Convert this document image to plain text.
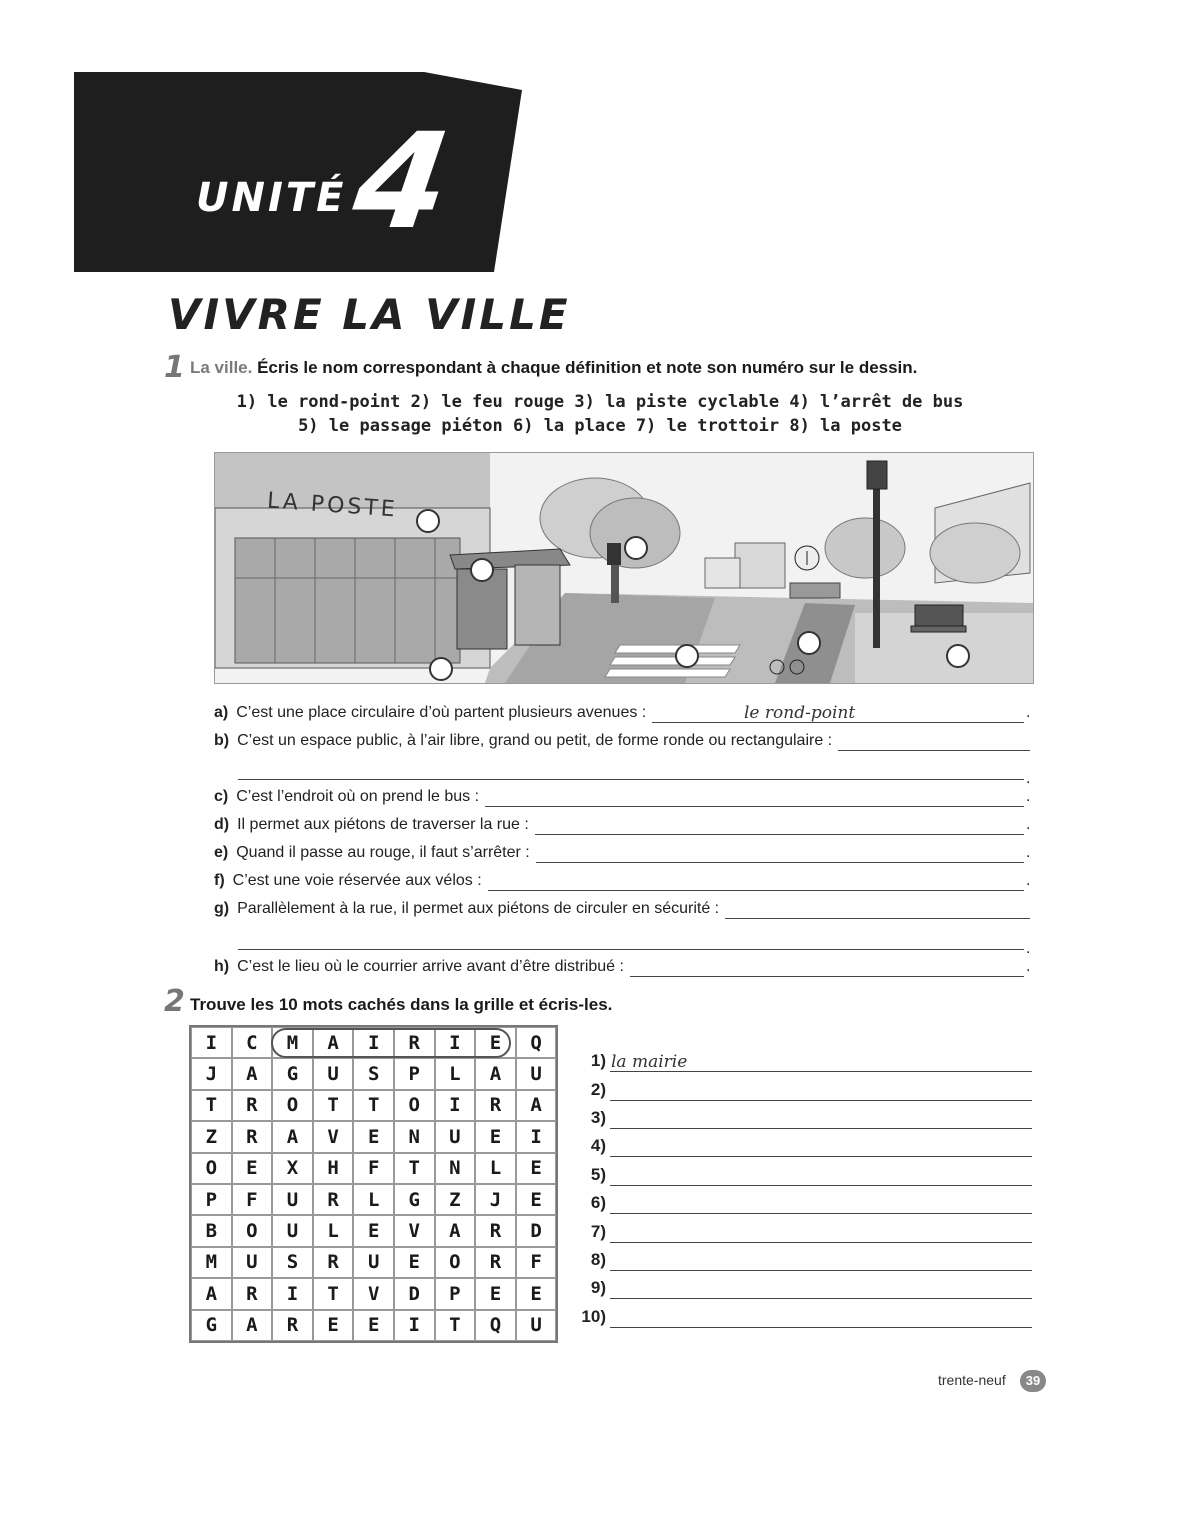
UNITÉ
4
VIVRE LA VILLE
1 La ville. Écris le nom correspondant à chaque définition et note son numéro sur le dessin.
1) le rond-point 2) le feu rouge 3) la piste cyclable 4) l’arrêt de bus
5) le passage piéton 6) la place 7) le trottoir 8) la poste
LA POSTE
2 Trouve les 10 mots cachés dans la grille et écris-les.
I	C	M	A	I	R	I	E	Q
J	A	G	U	S	P	L	A	U
T	R	O	T	T	O	I	R	A
Z	R	A	V	E	N	U	E	I
O	E	X	H	F	T	N	L	E
P	F	U	R	L	G	Z	J	E
B	O	U	L	E	V	A	R	D
M	U	S	R	U	E	O	R	F
A	R	I	T	V	D	P	E	E
G	A	R	E	E	I	T	Q	U
1) la mairie
2)
3)
4)
5)
6)
7)
8)
9)
10)
trente-neuf	39
a) C’est une place circulaire d’où partent plusieurs avenues :	le rond-point	.
b) C’est un espace public, à l’air libre, grand ou petit, de forme ronde ou rectangulaire :
.
c) C’est l’endroit où on prend le bus :	.
d) Il permet aux piétons de traverser la rue :	.
e) Quand il passe au rouge, il faut s’arrêter :	.
f) C’est une voie réservée aux vélos :	.
g) Parallèlement à la rue, il permet aux piétons de circuler en sécurité :
.
h) C’est le lieu où le courrier arrive avant d’être distribué :	.
